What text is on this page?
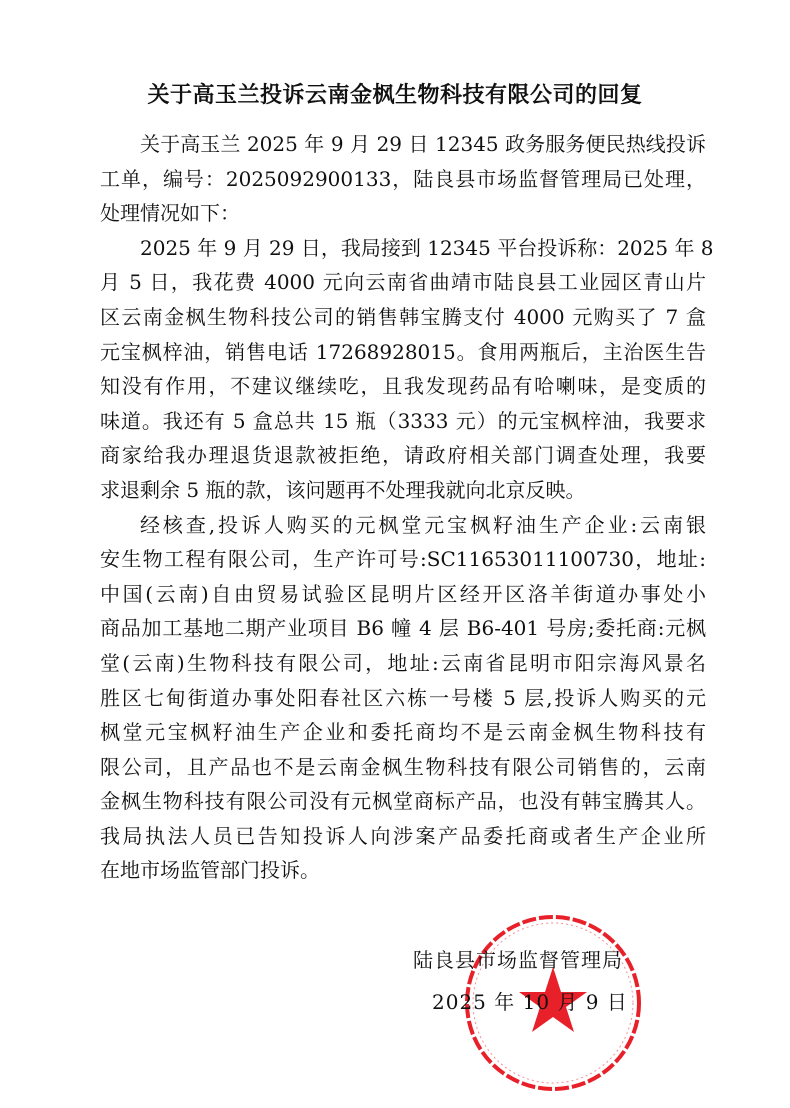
关于高玉兰投诉云南金枫生物科技有限公司的回复
关于高玉兰 2025 年 9 月 29 日 12345 政务服务便民热线投诉
工单，编号：2025092900133，陆良县市场监督管理局已处理，
处理情况如下：
2025 年 9 月 29 日，我局接到 12345 平台投诉称：2025 年 8
月 5 日，我花费 4000 元向云南省曲靖市陆良县工业园区青山片
区云南金枫生物科技公司的销售韩宝腾支付 4000 元购买了 7 盒
元宝枫梓油，销售电话 17268928015。食用两瓶后，主治医生告
知没有作用，不建议继续吃，且我发现药品有哈喇味，是变质的
味道。我还有 5 盒总共 15 瓶（3333 元）的元宝枫梓油，我要求
商家给我办理退货退款被拒绝，请政府相关部门调查处理，我要
求退剩余 5 瓶的款，该问题再不处理我就向北京反映。
经核查,投诉人购买的元枫堂元宝枫籽油生产企业:云南银
安生物工程有限公司，生产许可号:SC11653011100730，地址:
中国(云南)自由贸易试验区昆明片区经开区洛羊街道办事处小
商品加工基地二期产业项目 B6 幢 4 层 B6-401 号房;委托商:元枫
堂(云南)生物科技有限公司，地址:云南省昆明市阳宗海风景名
胜区七甸街道办事处阳春社区六栋一号楼 5 层,投诉人购买的元
枫堂元宝枫籽油生产企业和委托商均不是云南金枫生物科技有
限公司，且产品也不是云南金枫生物科技有限公司销售的，云南
金枫生物科技有限公司没有元枫堂商标产品，也没有韩宝腾其人。
我局执法人员已告知投诉人向涉案产品委托商或者生产企业所
在地市场监管部门投诉。
陆良县市场监督管理局
2025 年 10 月 9 日
